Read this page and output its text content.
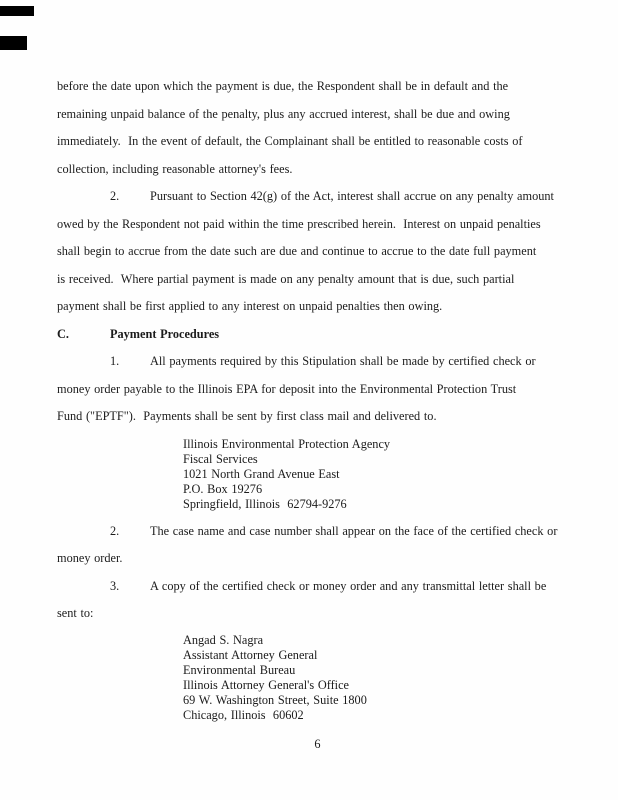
before the date upon which the payment is due, the Respondent shall be in default and the
remaining unpaid balance of the penalty, plus any accrued interest, shall be due and owing
immediately.  In the event of default, the Complainant shall be entitled to reasonable costs of
collection, including reasonable attorney's fees.
2.	Pursuant to Section 42(g) of the Act, interest shall accrue on any penalty amount
owed by the Respondent not paid within the time prescribed herein.  Interest on unpaid penalties
shall begin to accrue from the date such are due and continue to accrue to the date full payment
is received.  Where partial payment is made on any penalty amount that is due, such partial
payment shall be first applied to any interest on unpaid penalties then owing.
C.	Payment Procedures
1.	All payments required by this Stipulation shall be made by certified check or
money order payable to the Illinois EPA for deposit into the Environmental Protection Trust
Fund ("EPTF").  Payments shall be sent by first class mail and delivered to.
Illinois Environmental Protection Agency
Fiscal Services
1021 North Grand Avenue East
P.O. Box 19276
Springfield, Illinois  62794-9276
2.	The case name and case number shall appear on the face of the certified check or
money order.
3.	A copy of the certified check or money order and any transmittal letter shall be
sent to:
Angad S. Nagra
Assistant Attorney General
Environmental Bureau
Illinois Attorney General's Office
69 W. Washington Street, Suite 1800
Chicago, Illinois  60602
6
